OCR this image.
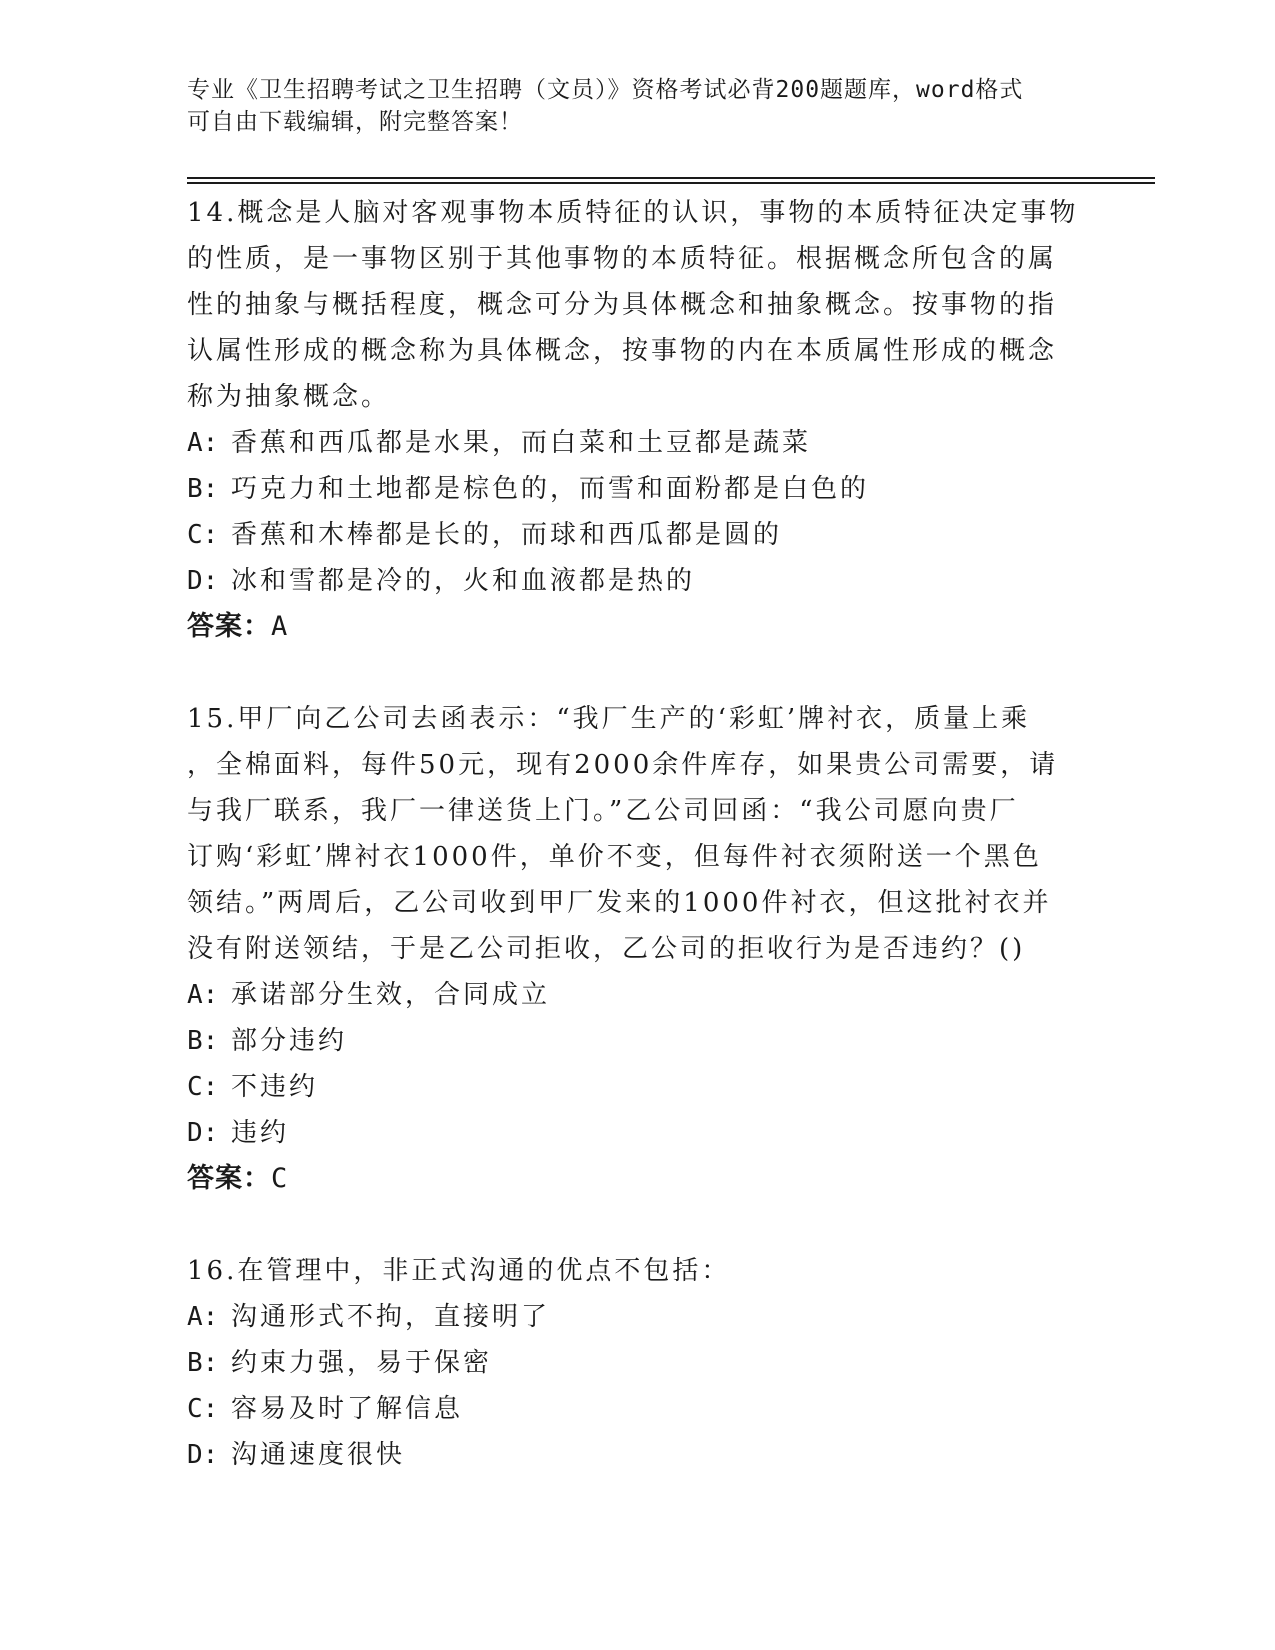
专业《卫生招聘考试之卫生招聘（文员）》资格考试必背200题题库，word格式
可自由下载编辑，附完整答案！

14.概念是人脑对客观事物本质特征的认识，事物的本质特征决定事物
的性质，是一事物区别于其他事物的本质特征。根据概念所包含的属
性的抽象与概括程度，概念可分为具体概念和抽象概念。按事物的指
认属性形成的概念称为具体概念，按事物的内在本质属性形成的概念
称为抽象概念。

A: 香蕉和西瓜都是水果，而白菜和土豆都是蔬菜
B: 巧克力和土地都是棕色的，而雪和面粉都是白色的
C: 香蕉和木棒都是长的，而球和西瓜都是圆的
D: 冰和雪都是冷的，火和血液都是热的

答案：A

15.甲厂向乙公司去函表示：“我厂生产的‘彩虹’牌衬衣，质量上乘
，全棉面料，每件50元，现有2000余件库存，如果贵公司需要，请
与我厂联系，我厂一律送货上门。”乙公司回函：“我公司愿向贵厂
订购‘彩虹’牌衬衣1000件，单价不变，但每件衬衣须附送一个黑色
领结。”两周后，乙公司收到甲厂发来的1000件衬衣，但这批衬衣并
没有附送领结，于是乙公司拒收，乙公司的拒收行为是否违约？()

A: 承诺部分生效，合同成立
B: 部分违约
C: 不违约
D: 违约

答案：C

16.在管理中，非正式沟通的优点不包括：

A: 沟通形式不拘，直接明了
B: 约束力强，易于保密
C: 容易及时了解信息
D: 沟通速度很快
